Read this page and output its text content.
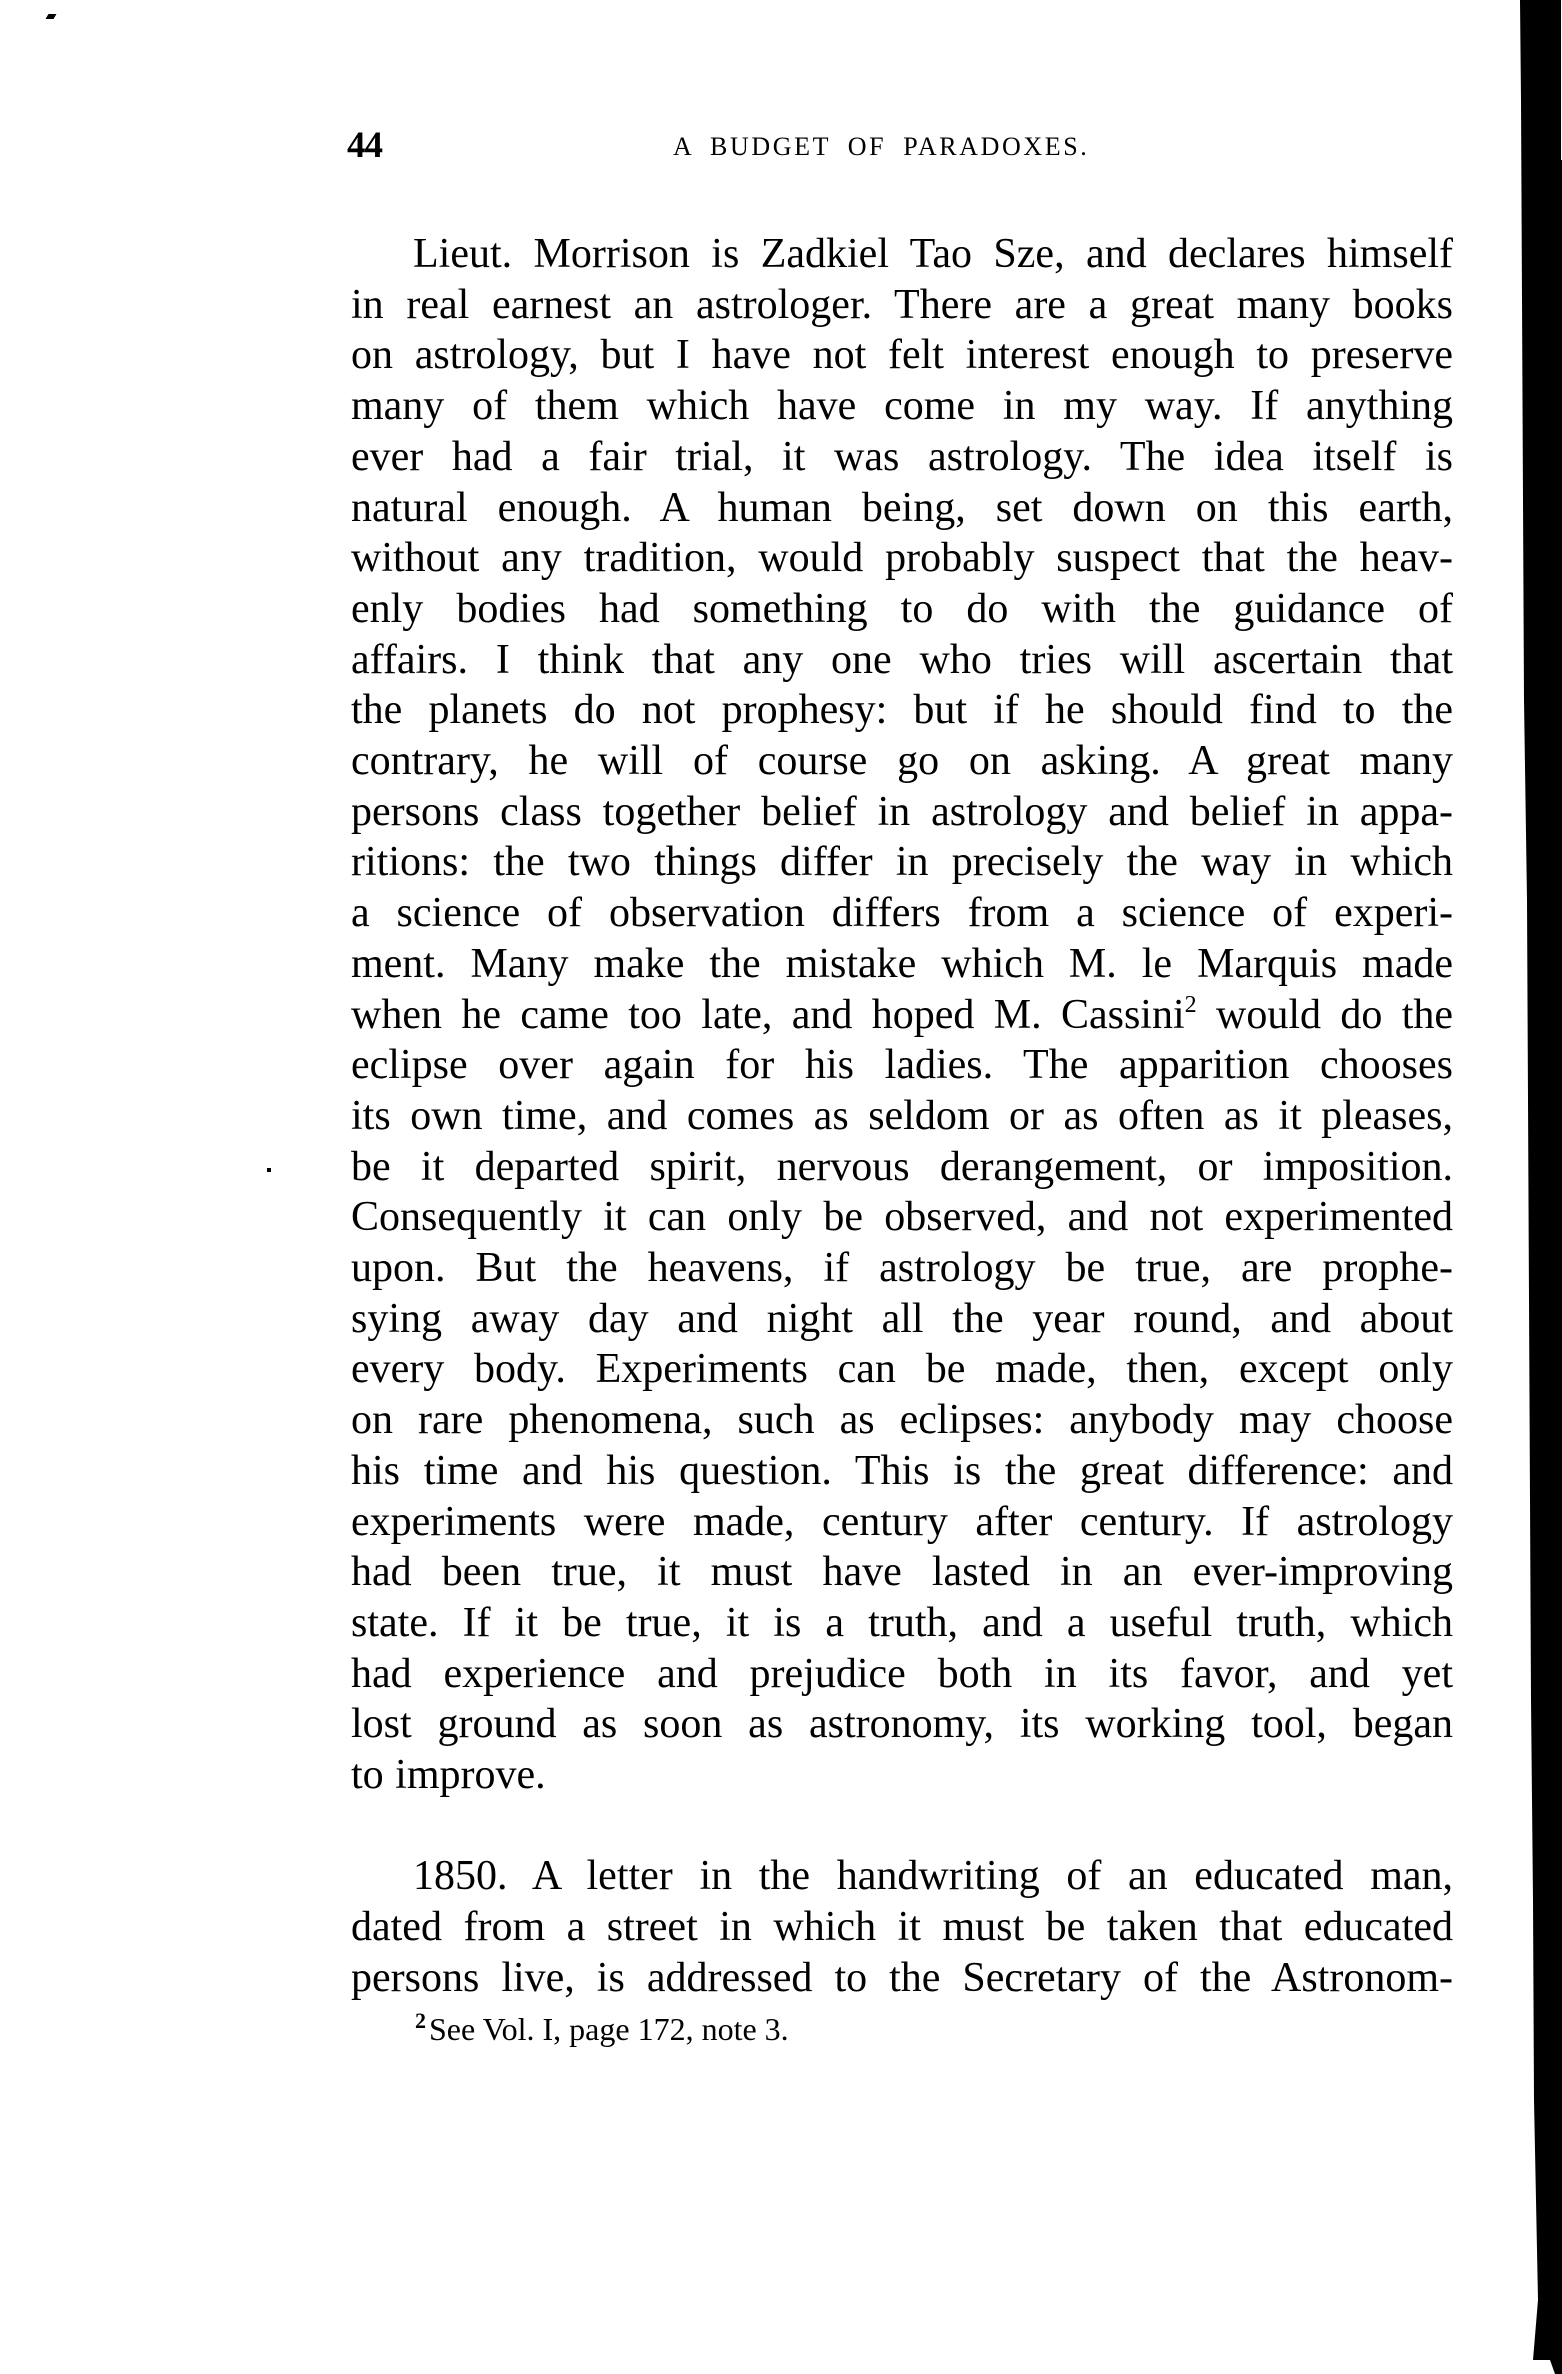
44	A BUDGET OF PARADOXES.
Lieut. Morrison is Zadkiel Tao Sze, and declares himself
in real earnest an astrologer. There are a great many books
on astrology, but I have not felt interest enough to preserve
many of them which have come in my way. If anything
ever had a fair trial, it was astrology. The idea itself is
natural enough. A human being, set down on this earth,
without any tradition, would probably suspect that the heav-
enly bodies had something to do with the guidance of
affairs. I think that any one who tries will ascertain that
the planets do not prophesy: but if he should find to the
contrary, he will of course go on asking. A great many
persons class together belief in astrology and belief in appa-
ritions: the two things differ in precisely the way in which
a science of observation differs from a science of experi-
ment. Many make the mistake which M. le Marquis made
when he came too late, and hoped M. Cassini$^2$ would do the
eclipse over again for his ladies. The apparition chooses
its own time, and comes as seldom or as often as it pleases,
be it departed spirit, nervous derangement, or imposition.
Consequently it can only be observed, and not experimented
upon. But the heavens, if astrology be true, are prophe-
sying away day and night all the year round, and about
every body. Experiments can be made, then, except only
on rare phenomena, such as eclipses: anybody may choose
his time and his question. This is the great difference: and
experiments were made, century after century. If astrology
had been true, it must have lasted in an ever-improving
state. If it be true, it is a truth, and a useful truth, which
had experience and prejudice both in its favor, and yet
lost ground as soon as astronomy, its working tool, began
to improve.
1850. A letter in the handwriting of an educated man,
dated from a street in which it must be taken that educated
persons live, is addressed to the Secretary of the Astronom-
$^2$See Vol. I, page 172, note 3.
